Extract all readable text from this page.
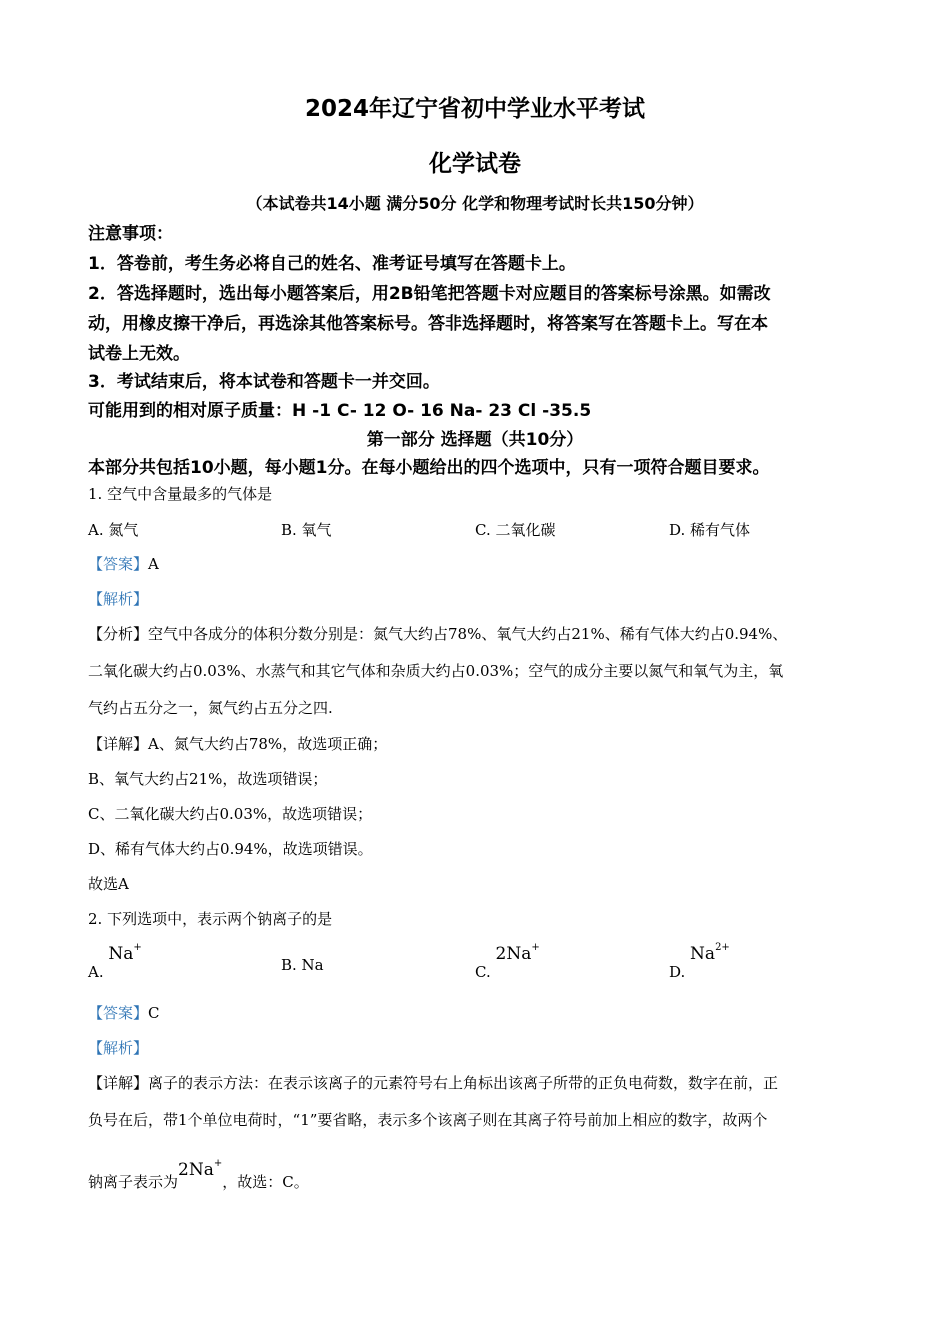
2024年辽宁省初中学业水平考试
化学试卷
（本试卷共14小题 满分50分 化学和物理考试时长共150分钟）
注意事项：
1．答卷前，考生务必将自己的姓名、准考证号填写在答题卡上。
2．答选择题时，选出每小题答案后，用2B铅笔把答题卡对应题目的答案标号涂黑。如需改
动，用橡皮擦干净后，再选涂其他答案标号。答非选择题时，将答案写在答题卡上。写在本
试卷上无效。
3．考试结束后，将本试卷和答题卡一并交回。
可能用到的相对原子质量：H -1 C- 12 O- 16 Na- 23 Cl -35.5
第一部分 选择题（共10分）
本部分共包括10小题，每小题1分。在每小题给出的四个选项中，只有一项符合题目要求。
1. 空气中含量最多的气体是
A. 氮气	B. 氧气	C. 二氧化碳	D. 稀有气体
【答案】A
【解析】
【分析】空气中各成分的体积分数分别是：氮气大约占78%、氧气大约占21%、稀有气体大约占0.94%、
二氧化碳大约占0.03%、水蒸气和其它气体和杂质大约占0.03%；空气的成分主要以氮气和氧气为主，氧
气约占五分之一，氮气约占五分之四.
【详解】A、氮气大约占78%，故选项正确；
B、氧气大约占21%，故选项错误；
C、二氧化碳大约占0.03%，故选项错误；
D、稀有气体大约占0.94%，故选项错误。
故选A
2. 下列选项中，表示两个钠离子的是
A. Na+
B. Na	C. 2Na+
D. $Na^{2+}$
【答案】C
【解析】
【详解】离子的表示方法：在表示该离子的元素符号右上角标出该离子所带的正负电荷数，数字在前，正
负号在后，带1个单位电荷时，“1”要省略，表示多个该离子则在其离子符号前加上相应的数字，故两个
钠离子表示为2Na+，故选：C。
